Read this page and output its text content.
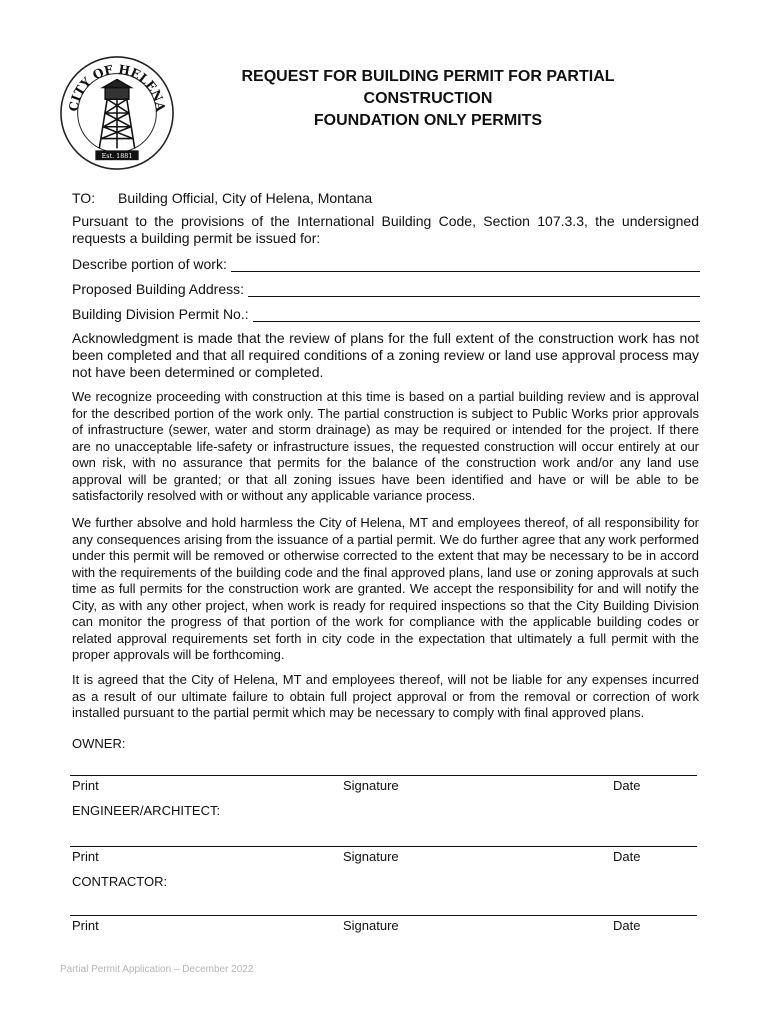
CITY OF HELENA
Est. 1881
REQUEST FOR BUILDING PERMIT FOR PARTIAL
CONSTRUCTION
FOUNDATION ONLY PERMITS
TO: Building Official, City of Helena, Montana

Pursuant to the provisions of the International Building Code, Section 107.3.3, the undersigned requests a building permit be issued for:

Describe portion of work:
Proposed Building Address:
Building Division Permit No.:

Acknowledgment is made that the review of plans for the full extent of the construction work has not been completed and that all required conditions of a zoning review or land use approval process may not have been determined or completed.

We recognize proceeding with construction at this time is based on a partial building review and is approval for the described portion of the work only. The partial construction is subject to Public Works prior approvals of infrastructure (sewer, water and storm drainage) as may be required or intended for the project. If there are no unacceptable life-safety or infrastructure issues, the requested construction will occur entirely at our own risk, with no assurance that permits for the balance of the construction work and/or any land use approval will be granted; or that all zoning issues have been identified and have or will be able to be satisfactorily resolved with or without any applicable variance process.

We further absolve and hold harmless the City of Helena, MT and employees thereof, of all responsibility for any consequences arising from the issuance of a partial permit. We do further agree that any work performed under this permit will be removed or otherwise corrected to the extent that may be necessary to be in accord with the requirements of the building code and the final approved plans, land use or zoning approvals at such time as full permits for the construction work are granted. We accept the responsibility for and will notify the City, as with any other project, when work is ready for required inspections so that the City Building Division can monitor the progress of that portion of the work for compliance with the applicable building codes or related approval requirements set forth in city code in the expectation that ultimately a full permit with the proper approvals will be forthcoming.

It is agreed that the City of Helena, MT and employees thereof, will not be liable for any expenses incurred as a result of our ultimate failure to obtain full project approval or from the removal or correction of work installed pursuant to the partial permit which may be necessary to comply with final approved plans.

OWNER:
Print	Signature	Date
ENGINEER/ARCHITECT:
Print	Signature	Date
CONTRACTOR:
Print	Signature	Date
Partial Permit Application – December 2022
